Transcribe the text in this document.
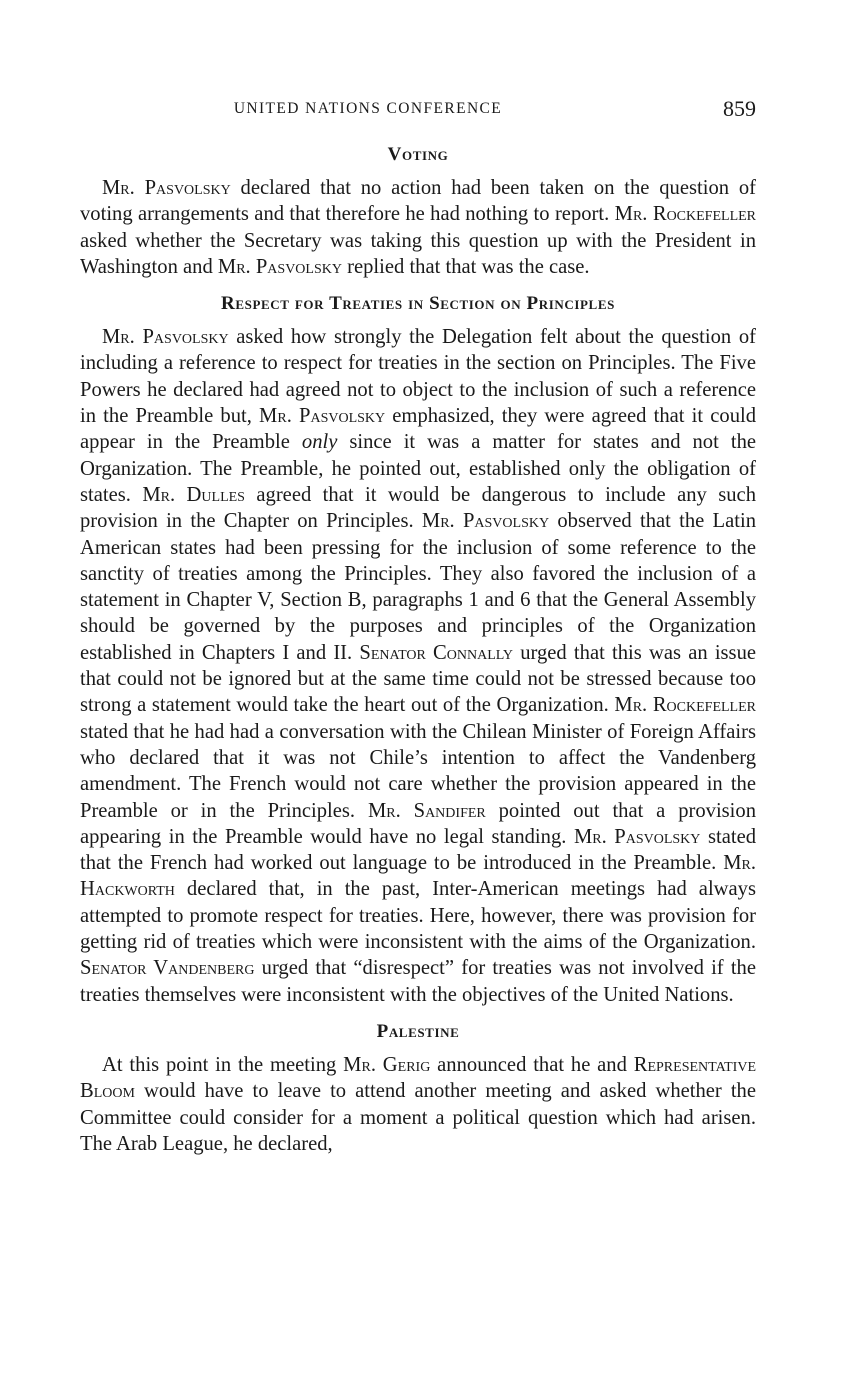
UNITED NATIONS CONFERENCE	859
Voting

Mr. Pasvolsky declared that no action had been taken on the question of voting arrangements and that therefore he had nothing to report. Mr. Rockefeller asked whether the Secretary was taking this question up with the President in Washington and Mr. Pasvolsky replied that that was the case.

Respect for Treaties in Section on Principles

Mr. Pasvolsky asked how strongly the Delegation felt about the question of including a reference to respect for treaties in the section on Principles. The Five Powers he declared had agreed not to object to the inclusion of such a reference in the Preamble but, Mr. Pasvolsky emphasized, they were agreed that it could appear in the Preamble only since it was a matter for states and not the Organization. The Preamble, he pointed out, established only the obligation of states. Mr. Dulles agreed that it would be dangerous to include any such provision in the Chapter on Principles. Mr. Pasvolsky observed that the Latin American states had been pressing for the inclusion of some reference to the sanctity of treaties among the Principles. They also favored the inclusion of a statement in Chapter V, Section B, paragraphs 1 and 6 that the General Assembly should be governed by the purposes and principles of the Organization established in Chapters I and II. Senator Connally urged that this was an issue that could not be ignored but at the same time could not be stressed because too strong a statement would take the heart out of the Organization. Mr. Rockefeller stated that he had had a conversation with the Chilean Minister of Foreign Affairs who declared that it was not Chile’s intention to affect the Vandenberg amendment. The French would not care whether the provision appeared in the Preamble or in the Principles. Mr. Sandifer pointed out that a provision appearing in the Preamble would have no legal standing. Mr. Pasvolsky stated that the French had worked out language to be introduced in the Preamble. Mr. Hackworth declared that, in the past, Inter-American meetings had always attempted to promote respect for treaties. Here, however, there was provision for getting rid of treaties which were inconsistent with the aims of the Organization. Senator Vandenberg urged that “disrespect” for treaties was not involved if the treaties themselves were inconsistent with the objectives of the United Nations.

Palestine

At this point in the meeting Mr. Gerig announced that he and Representative Bloom would have to leave to attend another meeting and asked whether the Committee could consider for a moment a political question which had arisen. The Arab League, he declared,
